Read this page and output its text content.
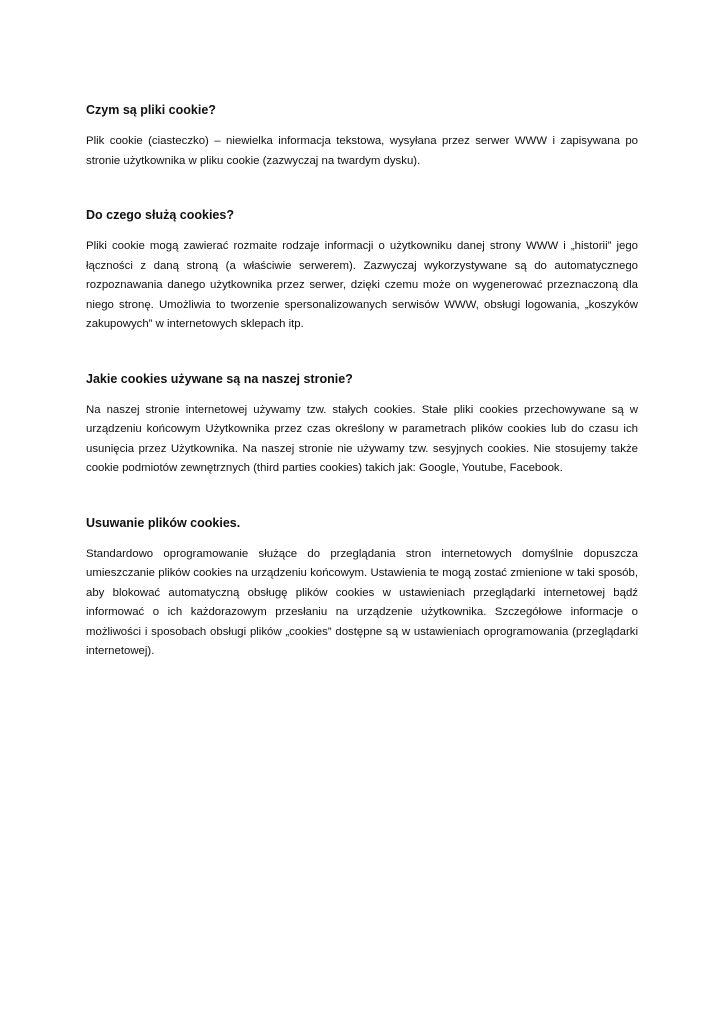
Czym są pliki cookie?

Plik cookie (ciasteczko) – niewielka informacja tekstowa, wysyłana przez serwer WWW i zapisywana po stronie użytkownika w pliku cookie (zazwyczaj na twardym dysku).

Do czego służą cookies?

Pliki cookie mogą zawierać rozmaite rodzaje informacji o użytkowniku danej strony WWW i „historii” jego łączności z daną stroną (a właściwie serwerem). Zazwyczaj wykorzystywane są do automatycznego rozpoznawania danego użytkownika przez serwer, dzięki czemu może on wygenerować przeznaczoną dla niego stronę. Umożliwia to tworzenie spersonalizowanych serwisów WWW, obsługi logowania, „koszyków zakupowych” w internetowych sklepach itp.

Jakie cookies używane są na naszej stronie?

Na naszej stronie internetowej używamy tzw. stałych cookies. Stałe pliki cookies przechowywane są w urządzeniu końcowym Użytkownika przez czas określony w parametrach plików cookies lub do czasu ich usunięcia przez Użytkownika. Na naszej stronie nie używamy tzw. sesyjnych cookies. Nie stosujemy także cookie podmiotów zewnętrznych (third parties cookies) takich jak: Google, Youtube, Facebook.

Usuwanie plików cookies.

Standardowo oprogramowanie służące do przeglądania stron internetowych domyślnie dopuszcza umieszczanie plików cookies na urządzeniu końcowym. Ustawienia te mogą zostać zmienione w taki sposób, aby blokować automatyczną obsługę plików cookies w ustawieniach przeglądarki internetowej bądź informować o ich każdorazowym przesłaniu na urządzenie użytkownika. Szczegółowe informacje o możliwości i sposobach obsługi plików „cookies” dostępne są w ustawieniach oprogramowania (przeglądarki internetowej).
